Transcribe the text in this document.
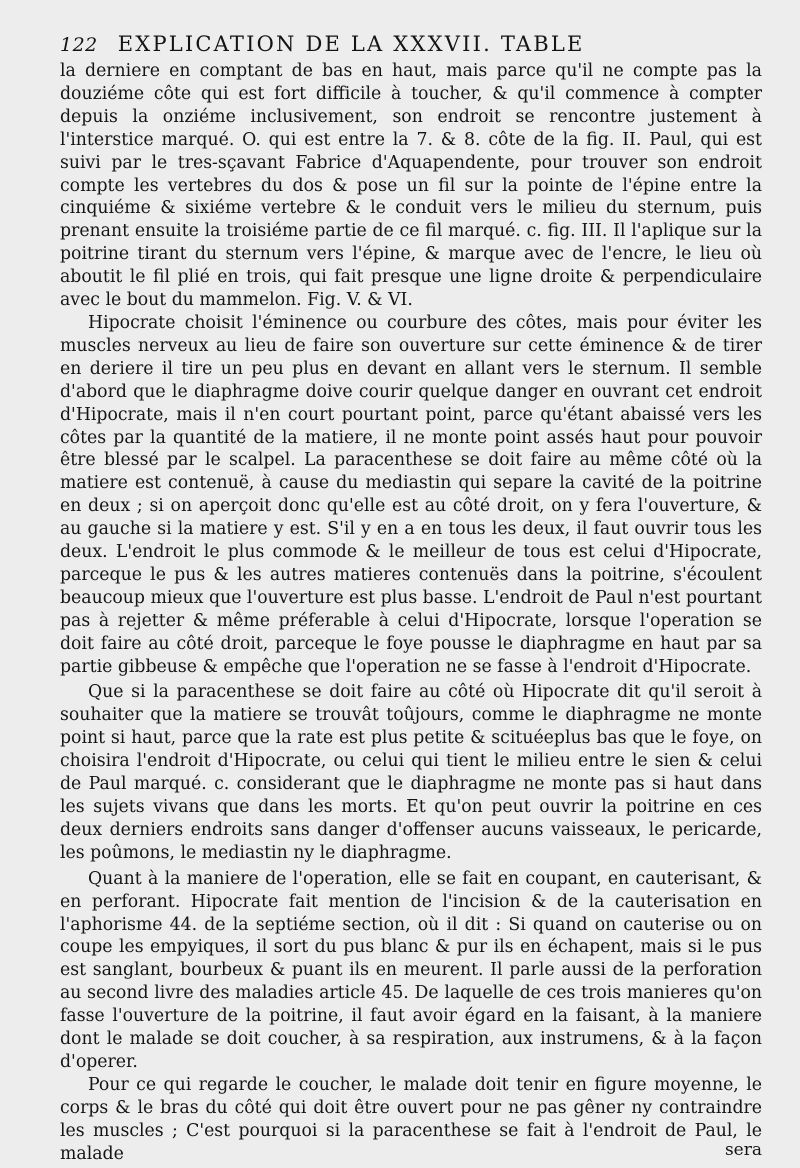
122 EXPLICATION DE LA XXXVII. TABLE

la derniere en comptant de bas en haut, mais parce qu'il ne compte pas la douziéme côte qui est fort difficile à toucher, & qu'il commence à compter depuis la onziéme inclusivement, son endroit se rencontre justement à l'interstice marqué. O. qui est entre la 7. & 8. côte de la fig. II. Paul, qui est suivi par le tres-sçavant Fabrice d'Aquapendente, pour trouver son endroit compte les vertebres du dos & pose un fil sur la pointe de l'épine entre la cinquiéme & sixiéme vertebre & le conduit vers le milieu du sternum, puis prenant ensuite la troisiéme partie de ce fil marqué. c. fig. III. Il l'aplique sur la poitrine tirant du sternum vers l'épine, & marque avec de l'encre, le lieu où aboutit le fil plié en trois, qui fait presque une ligne droite & perpendiculaire avec le bout du mammelon. Fig. V. & VI.

Hipocrate choisit l'éminence ou courbure des côtes, mais pour éviter les muscles nerveux au lieu de faire son ouverture sur cette éminence & de tirer en deriere il tire un peu plus en devant en allant vers le sternum. Il semble d'abord que le diaphragme doive courir quelque danger en ouvrant cet endroit d'Hipocrate, mais il n'en court pourtant point, parce qu'étant abaissé vers les côtes par la quantité de la matiere, il ne monte point assés haut pour pouvoir être blessé par le scalpel. La paracenthese se doit faire au même côté où la matiere est contenuë, à cause du mediastin qui separe la cavité de la poitrine en deux ; si on aperçoit donc qu'elle est au côté droit, on y fera l'ouverture, & au gauche si la matiere y est. S'il y en a en tous les deux, il faut ouvrir tous les deux. L'endroit le plus commode & le meilleur de tous est celui d'Hipocrate, parceque le pus & les autres matieres contenuës dans la poitrine, s'écoulent beaucoup mieux que l'ouverture est plus basse. L'endroit de Paul n'est pourtant pas à rejetter & même préferable à celui d'Hipocrate, lorsque l'operation se doit faire au côté droit, parceque le foye pousse le diaphragme en haut par sa partie gibbeuse & empêche que l'operation ne se fasse à l'endroit d'Hipocrate.

Que si la paracenthese se doit faire au côté où Hipocrate dit qu'il seroit à souhaiter que la matiere se trouvât toûjours, comme le diaphragme ne monte point si haut, parce que la rate est plus petite & scituéeplus bas que le foye, on choisira l'endroit d'Hipocrate, ou celui qui tient le milieu entre le sien & celui de Paul marqué. c. considerant que le diaphragme ne monte pas si haut dans les sujets vivans que dans les morts. Et qu'on peut ouvrir la poitrine en ces deux derniers endroits sans danger d'offenser aucuns vaisseaux, le pericarde, les poûmons, le mediastin ny le diaphragme.

Quant à la maniere de l'operation, elle se fait en coupant, en cauterisant, & en perforant. Hipocrate fait mention de l'incision & de la cauterisation en l'aphorisme 44. de la septiéme section, où il dit : Si quand on cauterise ou on coupe les empyiques, il sort du pus blanc & pur ils en échapent, mais si le pus est sanglant, bourbeux & puant ils en meurent. Il parle aussi de la perforation au second livre des maladies article 45. De laquelle de ces trois manieres qu'on fasse l'ouverture de la poitrine, il faut avoir égard en la faisant, à la maniere dont le malade se doit coucher, à sa respiration, aux instrumens, & à la façon d'operer.

Pour ce qui regarde le coucher, le malade doit tenir en figure moyenne, le corps & le bras du côté qui doit être ouvert pour ne pas gêner ny contraindre les muscles ; C'est pourquoi si la paracenthese se fait à l'endroit de Paul, le malade	sera
